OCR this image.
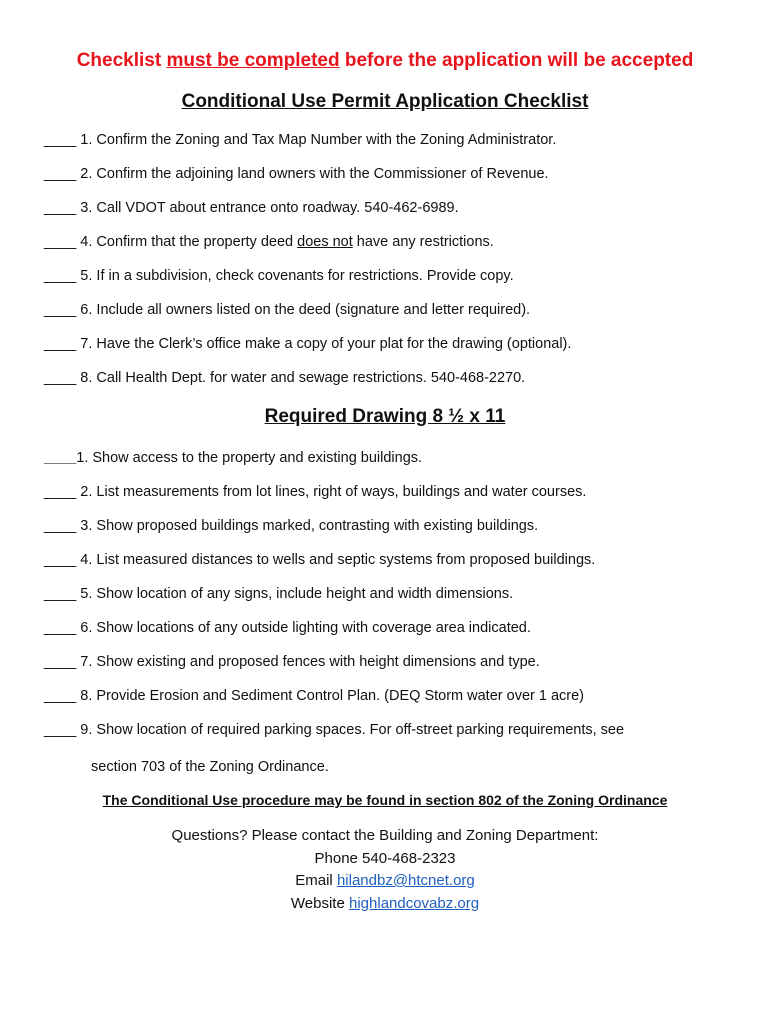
Checklist must be completed before the application will be accepted
Conditional Use Permit Application Checklist
____ 1. Confirm the Zoning and Tax Map Number with the Zoning Administrator.
____ 2. Confirm the adjoining land owners with the Commissioner of Revenue.
____ 3. Call VDOT about entrance onto roadway. 540-462-6989.
____ 4. Confirm that the property deed does not have any restrictions.
____ 5. If in a subdivision, check covenants for restrictions. Provide copy.
____ 6. Include all owners listed on the deed (signature and letter required).
____ 7. Have the Clerk’s office make a copy of your plat for the drawing (optional).
____ 8. Call Health Dept. for water and sewage restrictions. 540-468-2270.
Required Drawing 8 ½ x 11
____1. Show access to the property and existing buildings.
____ 2. List measurements from lot lines, right of ways, buildings and water courses.
____ 3. Show proposed buildings marked, contrasting with existing buildings.
____ 4. List measured distances to wells and septic systems from proposed buildings.
____ 5. Show location of any signs, include height and width dimensions.
____ 6. Show locations of any outside lighting with coverage area indicated.
____ 7. Show existing and proposed fences with height dimensions and type.
____ 8. Provide Erosion and Sediment Control Plan. (DEQ Storm water over 1 acre)
____ 9. Show location of required parking spaces. For off-street parking requirements, see
section 703 of the Zoning Ordinance.
The Conditional Use procedure may be found in section 802 of the Zoning Ordinance
Questions? Please contact the Building and Zoning Department:
Phone 540-468-2323
Email hilandbz@htcnet.org
Website highlandcovabz.org
